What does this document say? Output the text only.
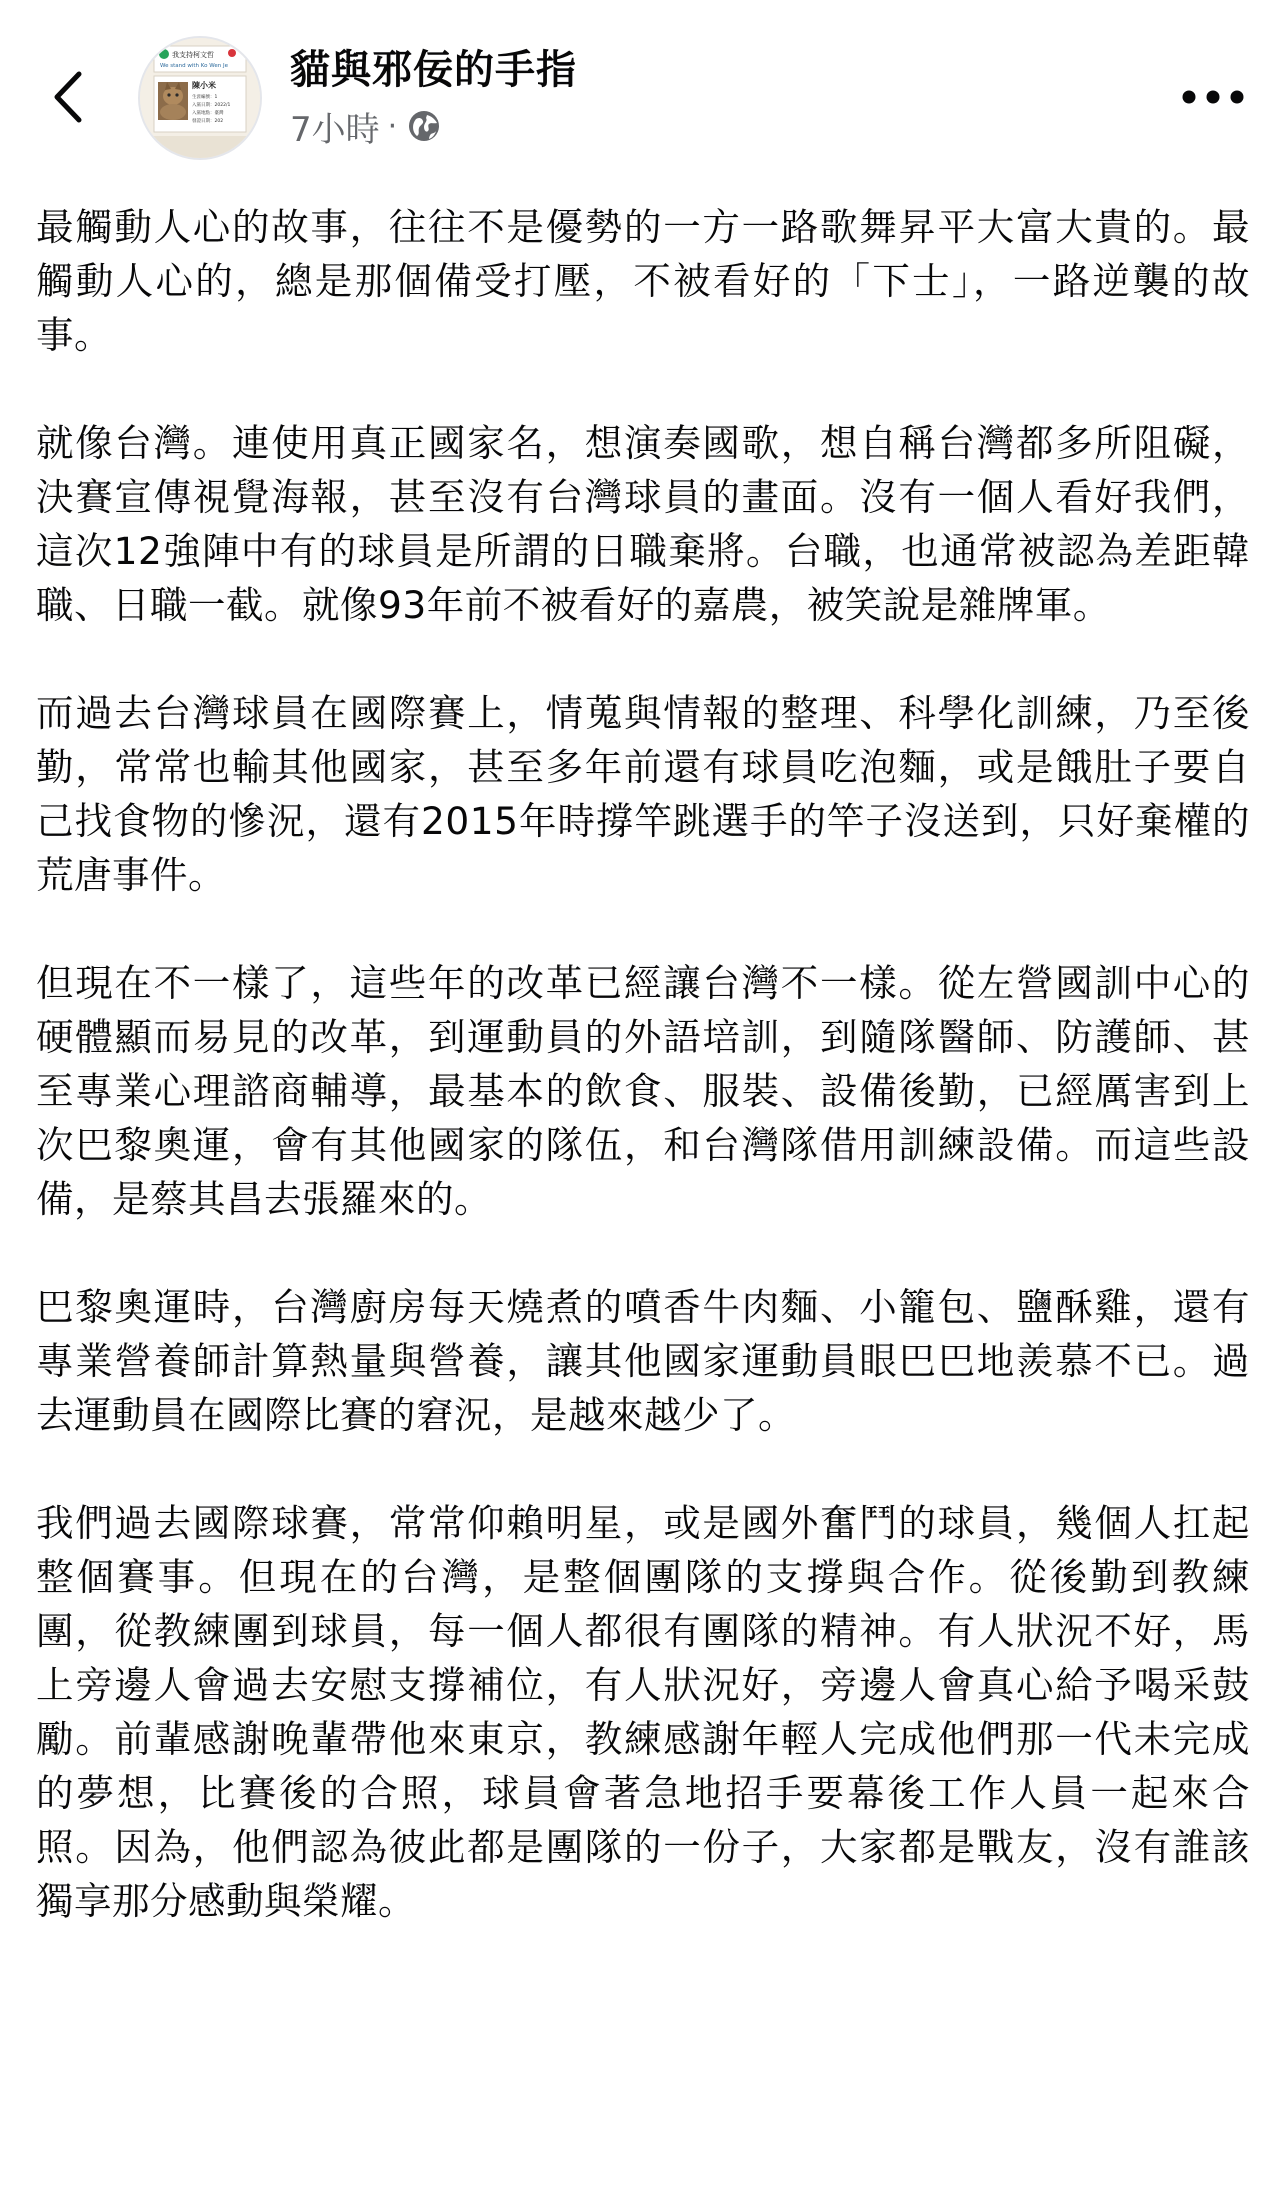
我支持柯文哲
We stand with Ko Wen Je
陳小米
生涯編號：1
入黨日期：2022/1
入黨地點：臺灣
發證日期：202
貓與邪佞的手指
7小時 ·

最觸動人心的故事，往往不是優勢的一方一路歌舞昇平大富大貴的。最觸動人心的，總是那個備受打壓，不被看好的「下士」，一路逆襲的故事。

就像台灣。連使用真正國家名，想演奏國歌，想自稱台灣都多所阻礙，決賽宣傳視覺海報，甚至沒有台灣球員的畫面。沒有一個人看好我們，這次12強陣中有的球員是所謂的日職棄將。台職，也通常被認為差距韓職、日職一截。就像93年前不被看好的嘉農，被笑說是雜牌軍。

而過去台灣球員在國際賽上，情蒐與情報的整理、科學化訓練，乃至後勤，常常也輸其他國家，甚至多年前還有球員吃泡麵，或是餓肚子要自己找食物的慘況，還有2015年時撐竿跳選手的竿子沒送到，只好棄權的荒唐事件。

但現在不一樣了，這些年的改革已經讓台灣不一樣。從左營國訓中心的硬體顯而易見的改革，到運動員的外語培訓，到隨隊醫師、防護師、甚至專業心理諮商輔導，最基本的飲食、服裝、設備後勤，已經厲害到上次巴黎奧運，會有其他國家的隊伍，和台灣隊借用訓練設備。而這些設備，是蔡其昌去張羅來的。

巴黎奧運時，台灣廚房每天燒煮的噴香牛肉麵、小籠包、鹽酥雞，還有專業營養師計算熱量與營養，讓其他國家運動員眼巴巴地羨慕不已。過去運動員在國際比賽的窘況，是越來越少了。

我們過去國際球賽，常常仰賴明星，或是國外奮鬥的球員，幾個人扛起整個賽事。但現在的台灣，是整個團隊的支撐與合作。從後勤到教練團，從教練團到球員，每一個人都很有團隊的精神。有人狀況不好，馬上旁邊人會過去安慰支撐補位，有人狀況好，旁邊人會真心給予喝采鼓勵。前輩感謝晚輩帶他來東京，教練感謝年輕人完成他們那一代未完成的夢想，比賽後的合照，球員會著急地招手要幕後工作人員一起來合照。因為，他們認為彼此都是團隊的一份子，大家都是戰友，沒有誰該獨享那分感動與榮耀。
